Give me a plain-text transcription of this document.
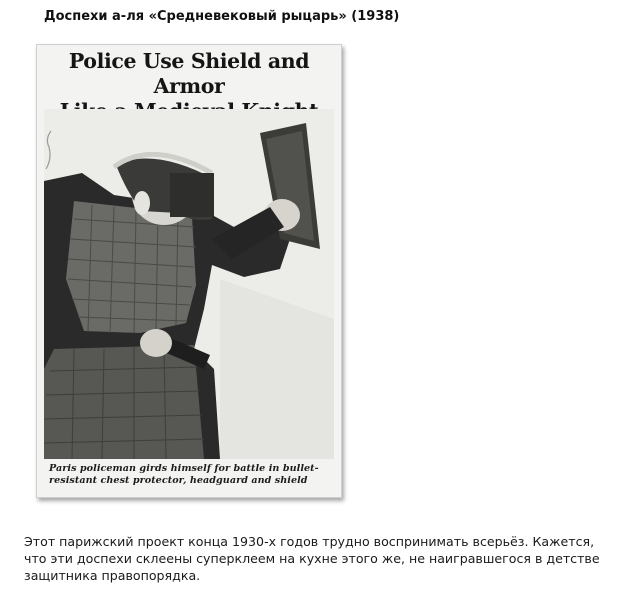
Доспехи а-ля «Средневековый рыцарь» (1938)
Police Use Shield and Armor
Paris policeman girds himself for battle in bullet-
resistant chest protector, headguard and shield
Этот парижский проект конца 1930-х годов трудно воспринимать всерьёз. Кажется,
что эти доспехи склеены суперклеем на кухне этого же, не наигравшегося в детстве
защитника правопорядка.
